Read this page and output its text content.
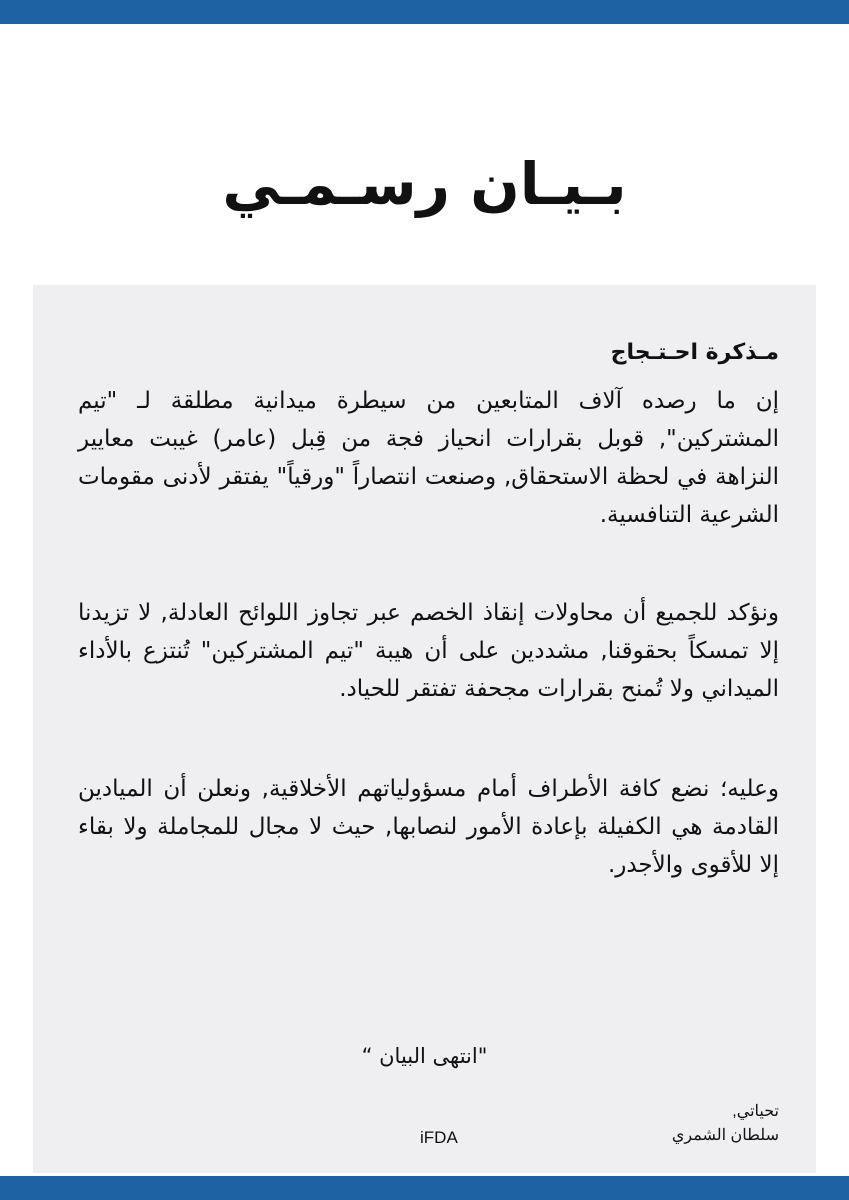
بـيـان رسـمـي
مـذكرة احـتـجاج

إن ما رصده آلاف المتابعين من سيطرة ميدانية مطلقة لـ "تيم المشتركين", قوبل بقرارات انحياز فجة من قِبل (عامر) غيبت معايير النزاهة في لحظة الاستحقاق, وصنعت انتصاراً "ورقياً" يفتقر لأدنى مقومات الشرعية التنافسية.

ونؤكد للجميع أن محاولات إنقاذ الخصم عبر تجاوز اللوائح العادلة, لا تزيدنا إلا تمسكاً بحقوقنا, مشددين على أن هيبة "تيم المشتركين" تُنتزع بالأداء الميداني ولا تُمنح بقرارات مجحفة تفتقر للحياد.

وعليه؛ نضع كافة الأطراف أمام مسؤولياتهم الأخلاقية, ونعلن أن الميادين القادمة هي الكفيلة بإعادة الأمور لنصابها, حيث لا مجال للمجاملة ولا بقاء إلا للأقوى والأجدر.

"انتهى البيان “
تحياتي,
سلطان الشمري
iFDA
